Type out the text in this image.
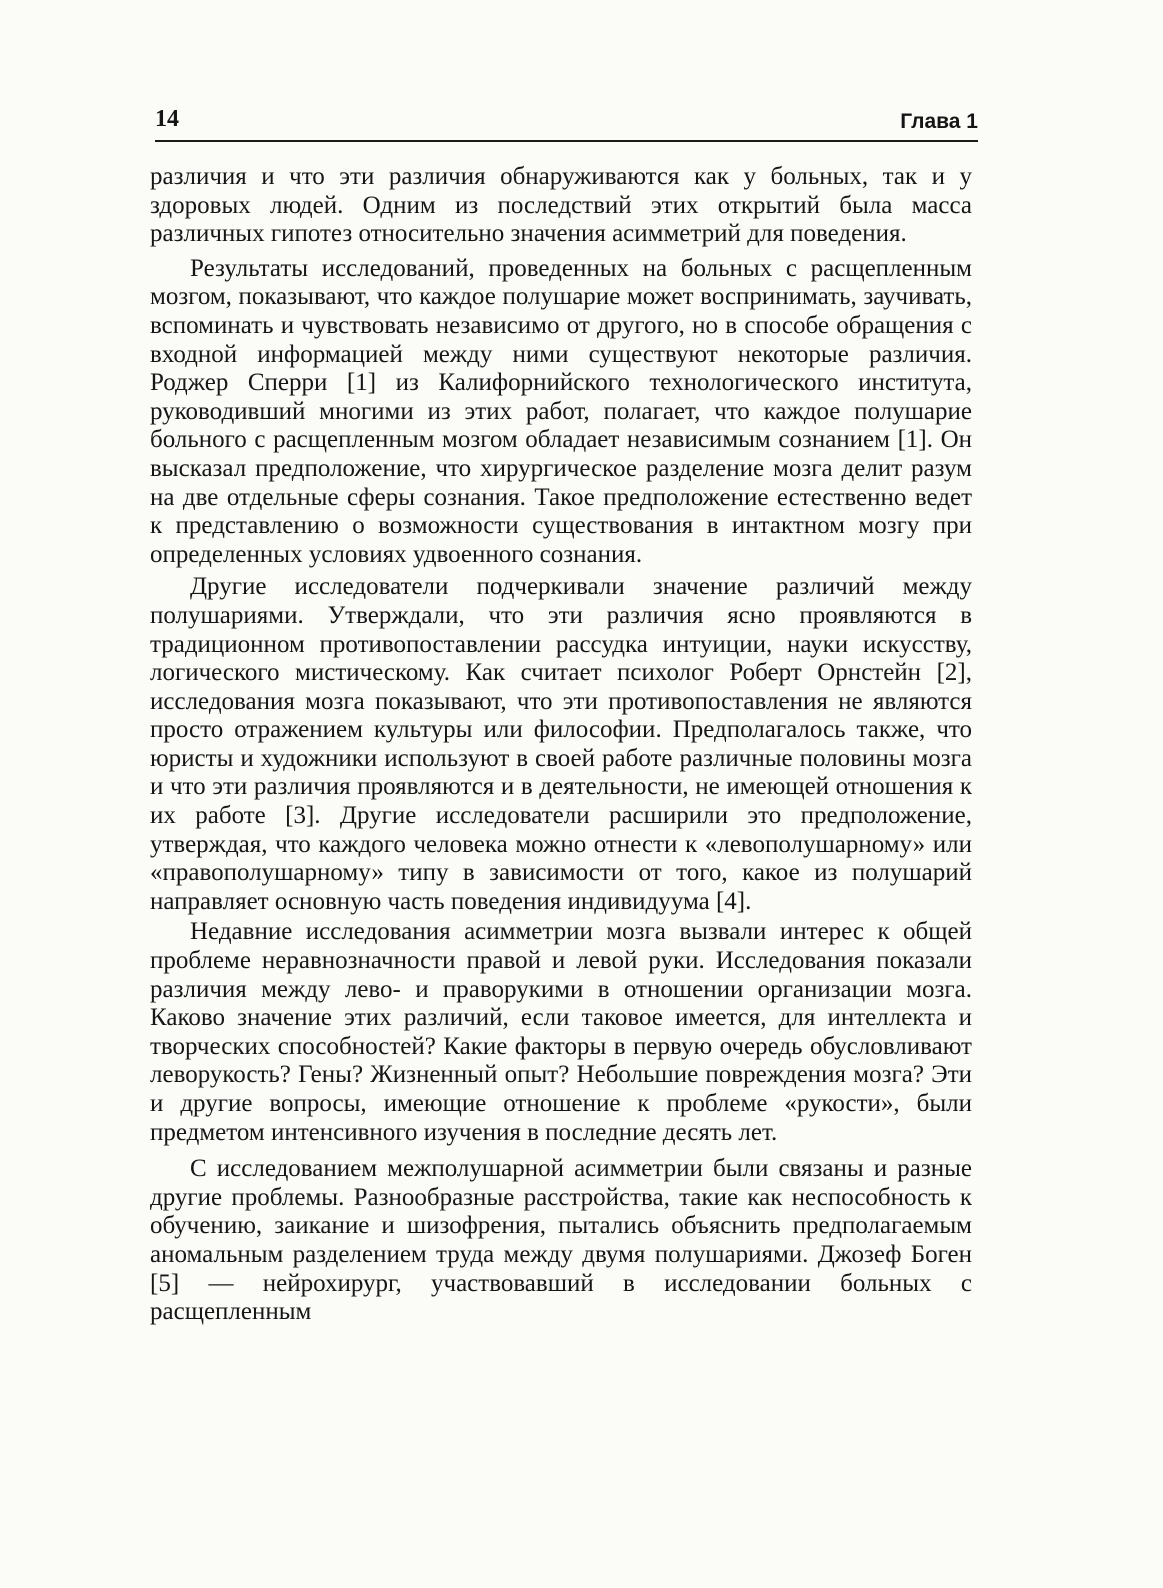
14	Глава 1

различия и что эти различия обнаруживаются как у больных, так и у здоровых людей. Одним из последствий этих открытий была масса различных гипотез относительно значения асимметрий для поведения.

Результаты исследований, проведенных на больных с расщепленным мозгом, показывают, что каждое полушарие может воспринимать, заучивать, вспоминать и чувствовать независимо от другого, но в способе обращения с входной информацией между ними существуют некоторые различия. Роджер Сперри [1] из Калифорнийского технологического института, руководивший многими из этих работ, полагает, что каждое полушарие больного с расщепленным мозгом обладает независимым сознанием [1]. Он высказал предположение, что хирургическое разделение мозга делит разум на две отдельные сферы сознания. Такое предположение естественно ведет к представлению о возможности существования в интактном мозгу при определенных условиях удвоенного сознания.

Другие исследователи подчеркивали значение различий между полушариями. Утверждали, что эти различия ясно проявляются в традиционном противопоставлении рассудка интуиции, науки искусству, логического мистическому. Как считает психолог Роберт Орнстейн [2], исследования мозга показывают, что эти противопоставления не являются просто отражением культуры или философии. Предполагалось также, что юристы и художники используют в своей работе различные половины мозга и что эти различия проявляются и в деятельности, не имеющей отношения к их работе [3]. Другие исследователи расширили это предположение, утверждая, что каждого человека можно отнести к «левополушарному» или «правополушарному» типу в зависимости от того, какое из полушарий направляет основную часть поведения индивидуума [4].

Недавние исследования асимметрии мозга вызвали интерес к общей проблеме неравнозначности правой и левой руки. Исследования показали различия между лево- и праворукими в отношении организации мозга. Каково значение этих различий, если таковое имеется, для интеллекта и творческих способностей? Какие факторы в первую очередь обусловливают леворукость? Гены? Жизненный опыт? Небольшие повреждения мозга? Эти и другие вопросы, имеющие отношение к проблеме «рукости», были предметом интенсивного изучения в последние десять лет.

С исследованием межполушарной асимметрии были связаны и разные другие проблемы. Разнообразные расстройства, такие как неспособность к обучению, заикание и шизофрения, пытались объяснить предполагаемым аномальным разделением труда между двумя полушариями. Джозеф Боген [5] — нейрохирург, участвовавший в исследовании больных с расщепленным
